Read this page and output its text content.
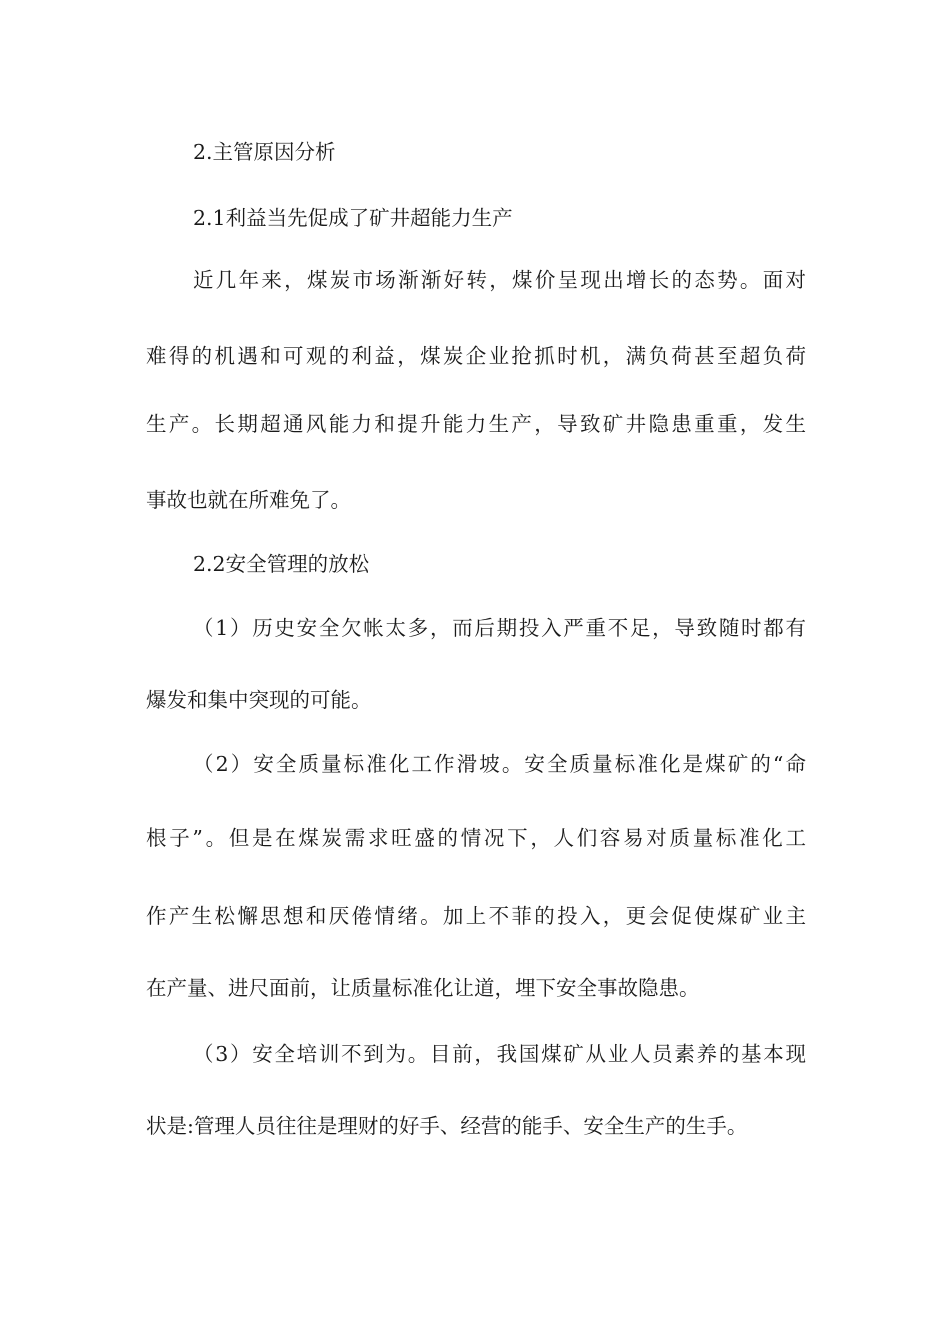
2.主管原因分析
2.1利益当先促成了矿井超能力生产
近几年来，煤炭市场渐渐好转，煤价呈现出增长的态势。面对
难得的机遇和可观的利益，煤炭企业抢抓时机，满负荷甚至超负荷
生产。长期超通风能力和提升能力生产，导致矿井隐患重重，发生
事故也就在所难免了。
2.2安全管理的放松
（1）历史安全欠帐太多，而后期投入严重不足，导致随时都有
爆发和集中突现的可能。
（2）安全质量标准化工作滑坡。安全质量标准化是煤矿的“命
根子”。但是在煤炭需求旺盛的情况下，人们容易对质量标准化工
作产生松懈思想和厌倦情绪。加上不菲的投入，更会促使煤矿业主
在产量、进尺面前，让质量标准化让道，埋下安全事故隐患。
（3）安全培训不到为。目前，我国煤矿从业人员素养的基本现
状是:管理人员往往是理财的好手、经营的能手、安全生产的生手。
